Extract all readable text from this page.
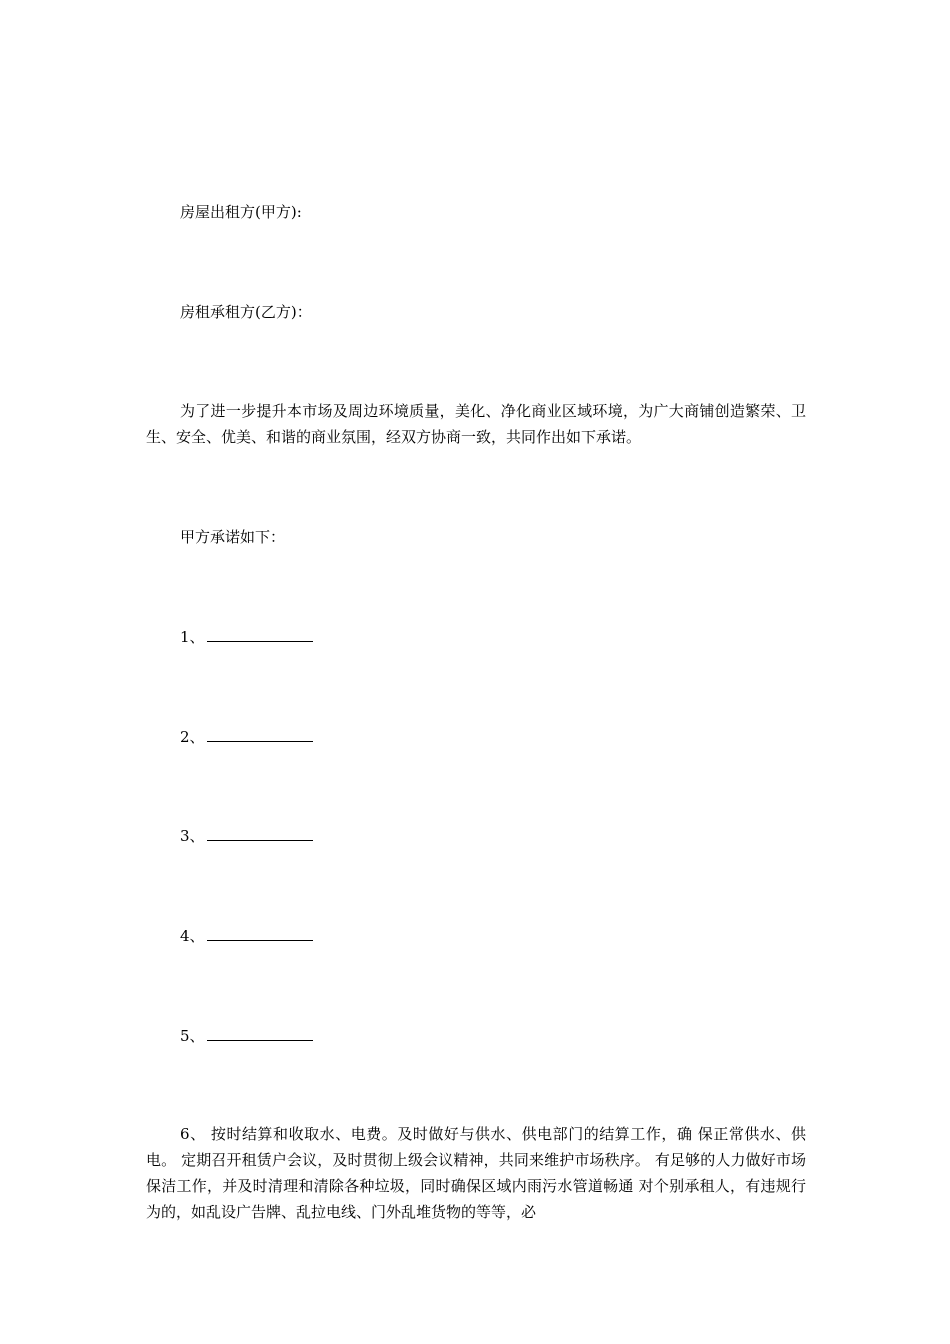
房屋出租方(甲方):
房租承租方(乙方)：
为了进一步提升本市场及周边环境质量，美化、净化商业区域环境，为广大商铺创造繁荣、卫生、安全、优美、和谐的商业氛围，经双方协商一致，共同作出如下承诺。
甲方承诺如下：
1、
2、
3、
4、
5、
6、 按时结算和收取水、电费。及时做好与供水、供电部门的结算工作，确 保正常供水、供电。 定期召开租赁户会议，及时贯彻上级会议精神，共同来维护市场秩序。 有足够的人力做好市场保洁工作，并及时清理和清除各种垃圾，同时确保区域内雨污水管道畅通 对个别承租人，有违规行为的，如乱设广告牌、乱拉电线、门外乱堆货物的等等，必
